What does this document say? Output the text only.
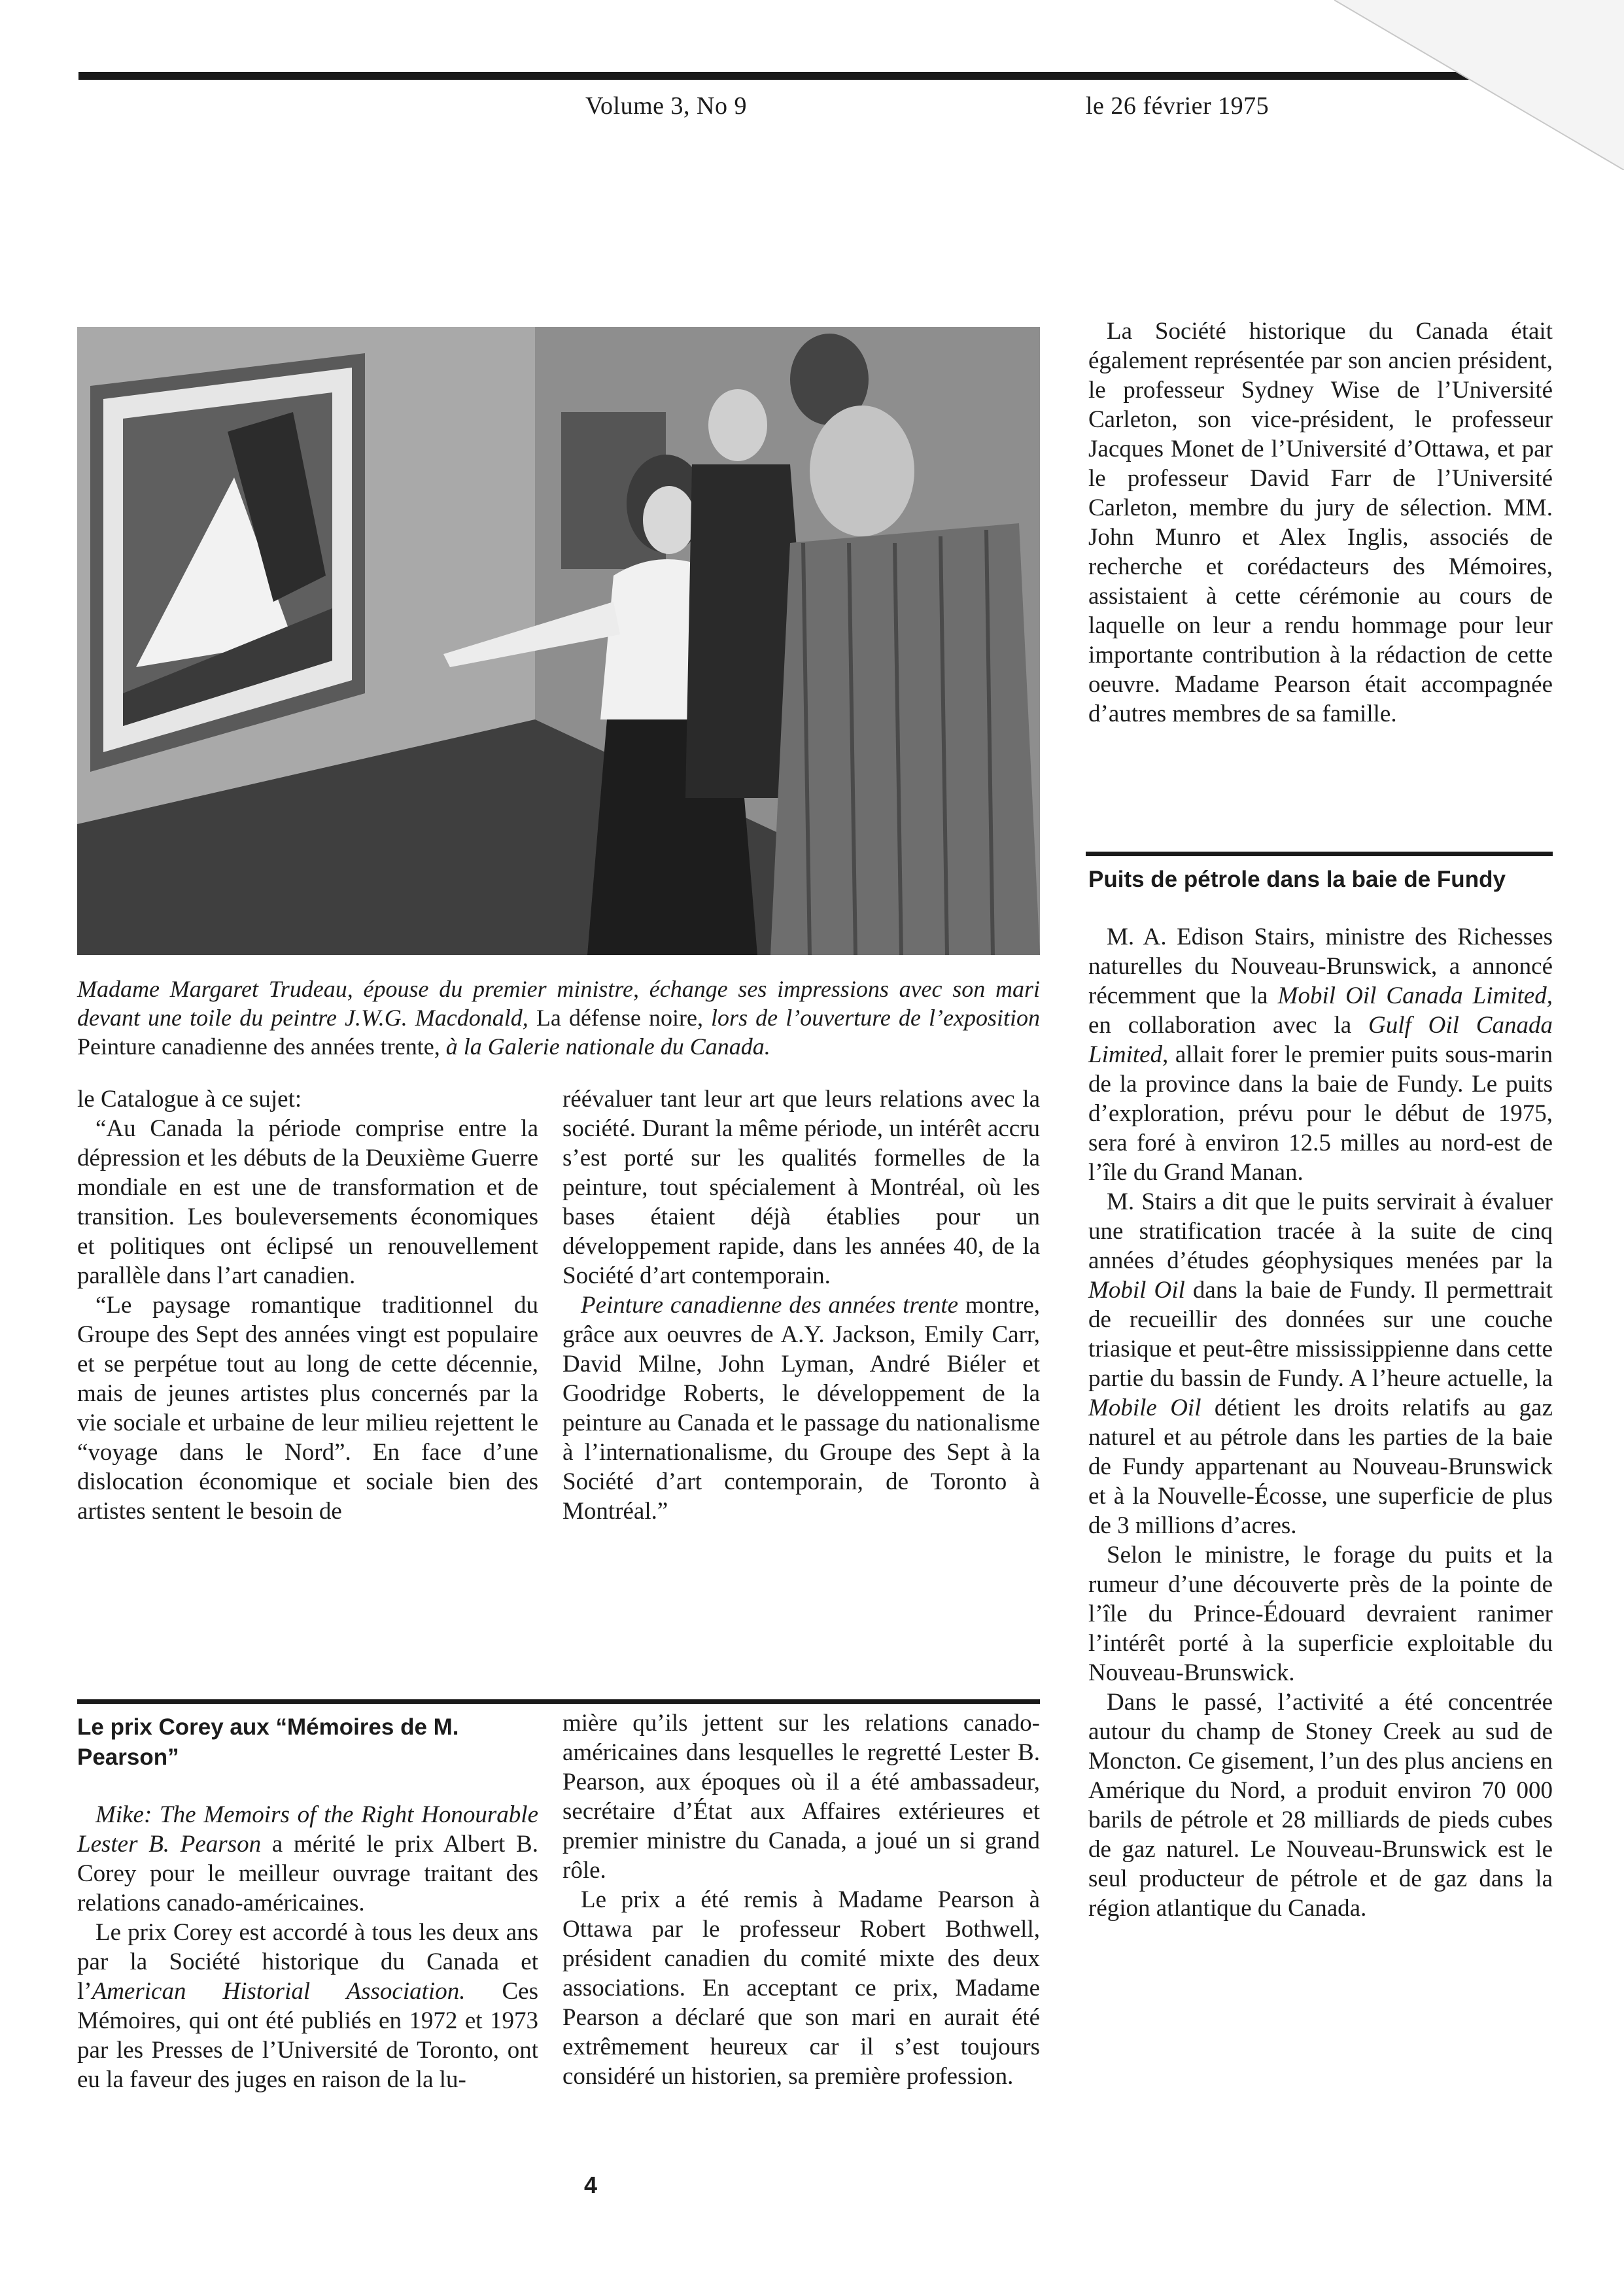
Volume 3, No 9	le 26 février 1975

Madame Margaret Trudeau, épouse du premier ministre, échange ses impressions avec son mari devant une toile du peintre J.W.G. Macdonald, La défense noire, lors de l’ouverture de l’exposition Peinture canadienne des années trente, à la Galerie nationale du Canada.

le Catalogue à ce sujet:

“Au Canada la période comprise entre la dépression et les débuts de la Deuxième Guerre mondiale en est une de transformation et de transition. Les bouleversements économiques et politiques ont éclipsé un renouvellement parallèle dans l’art canadien.

“Le paysage romantique traditionnel du Groupe des Sept des années vingt est populaire et se perpétue tout au long de cette décennie, mais de jeunes artistes plus concernés par la vie sociale et urbaine de leur milieu rejettent le “voyage dans le Nord”. En face d’une dislocation économique et sociale bien des artistes sentent le besoin de

réévaluer tant leur art que leurs relations avec la société. Durant la même période, un intérêt accru s’est porté sur les qualités formelles de la peinture, tout spécialement à Montréal, où les bases étaient déjà établies pour un développement rapide, dans les années 40, de la Société d’art contemporain.

Peinture canadienne des années trente montre, grâce aux oeuvres de A.Y. Jackson, Emily Carr, David Milne, John Lyman, André Biéler et Goodridge Roberts, le développement de la peinture au Canada et le passage du nationalisme à l’internationalisme, du Groupe des Sept à la Société d’art contemporain, de Toronto à Montréal.”

Le prix Corey aux “Mémoires de M. Pearson”

Mike: The Memoirs of the Right Honourable Lester B. Pearson a mérité le prix Albert B. Corey pour le meilleur ouvrage traitant des relations canado-américaines.

Le prix Corey est accordé à tous les deux ans par la Société historique du Canada et l’American Historial Association. Ces Mémoires, qui ont été publiés en 1972 et 1973 par les Presses de l’Université de Toronto, ont eu la faveur des juges en raison de la lu-

mière qu’ils jettent sur les relations canado-américaines dans lesquelles le regretté Lester B. Pearson, aux époques où il a été ambassadeur, secrétaire d’État aux Affaires extérieures et premier ministre du Canada, a joué un si grand rôle.

Le prix a été remis à Madame Pearson à Ottawa par le professeur Robert Bothwell, président canadien du comité mixte des deux associations. En acceptant ce prix, Madame Pearson a déclaré que son mari en aurait été extrêmement heureux car il s’est toujours considéré un historien, sa première profession.

La Société historique du Canada était également représentée par son ancien président, le professeur Sydney Wise de l’Université Carleton, son vice-président, le professeur Jacques Monet de l’Université d’Ottawa, et par le professeur David Farr de l’Université Carleton, membre du jury de sélection. MM. John Munro et Alex Inglis, associés de recherche et corédacteurs des Mémoires, assistaient à cette cérémonie au cours de laquelle on leur a rendu hommage pour leur importante contribution à la rédaction de cette oeuvre. Madame Pearson était accompagnée d’autres membres de sa famille.

Puits de pétrole dans la baie de Fundy

M. A. Edison Stairs, ministre des Richesses naturelles du Nouveau-Brunswick, a annoncé récemment que la Mobil Oil Canada Limited, en collaboration avec la Gulf Oil Canada Limited, allait forer le premier puits sous-marin de la province dans la baie de Fundy. Le puits d’exploration, prévu pour le début de 1975, sera foré à environ 12.5 milles au nord-est de l’île du Grand Manan.

M. Stairs a dit que le puits servirait à évaluer une stratification tracée à la suite de cinq années d’études géophysiques menées par la Mobil Oil dans la baie de Fundy. Il permettrait de recueillir des données sur une couche triasique et peut-être mississippienne dans cette partie du bassin de Fundy. A l’heure actuelle, la Mobile Oil détient les droits relatifs au gaz naturel et au pétrole dans les parties de la baie de Fundy appartenant au Nouveau-Brunswick et à la Nouvelle-Écosse, une superficie de plus de 3 millions d’acres.

Selon le ministre, le forage du puits et la rumeur d’une découverte près de la pointe de l’île du Prince-Édouard devraient ranimer l’intérêt porté à la superficie exploitable du Nouveau-Brunswick.

Dans le passé, l’activité a été concentrée autour du champ de Stoney Creek au sud de Moncton. Ce gisement, l’un des plus anciens en Amérique du Nord, a produit environ 70 000 barils de pétrole et 28 milliards de pieds cubes de gaz naturel. Le Nouveau-Brunswick est le seul producteur de pétrole et de gaz dans la région atlantique du Canada.

4
